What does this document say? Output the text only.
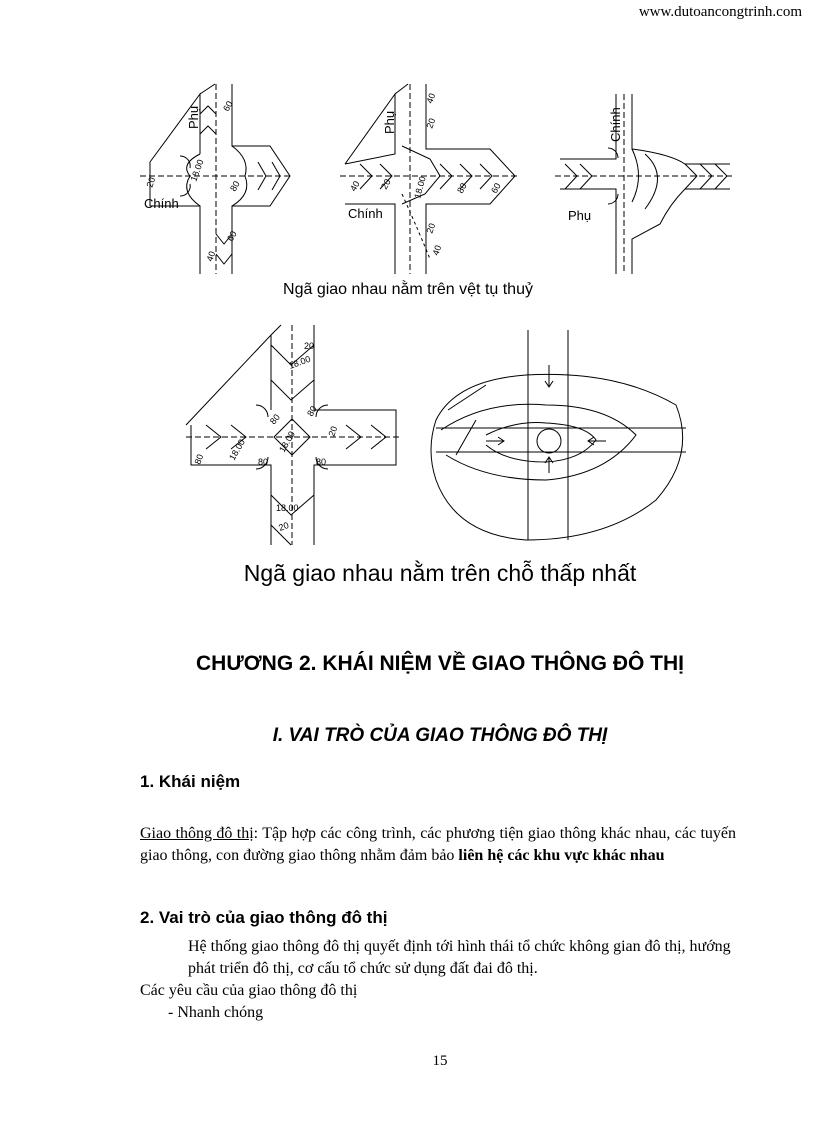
www.dutoancongtrinh.com
Phụ 60
18.00
20	80
60
40
Chính
Phụ
40
20
40 20 18.00	80 60
20
40
Chính
Chính
Phụ
Ngã giao nhau nằm trên vệt tụ thuỷ
20
18.00
80
80
80 18.00	18.00	20
80	80
18.00
20
Ngã giao nhau nằm trên chỗ thấp nhất
CHƯƠNG 2. KHÁI NIỆM VỀ GIAO THÔNG ĐÔ THỊ
I. VAI TRÒ CỦA GIAO THÔNG ĐÔ THỊ
1. Khái niệm
Giao thông đô thị: Tập hợp các công trình, các phương tiện giao thông khác nhau, các tuyến giao thông, con đường giao thông nhằm đảm bảo liên hệ các khu vực khác nhau
2. Vai trò của giao thông đô thị
Hệ thống giao thông đô thị quyết định tới hình thái tổ chức không gian đô thị, hướng phát triển đô thị, cơ cấu tổ chức sử dụng đất đai đô thị.
Các yêu cầu của giao thông đô thị
- Nhanh chóng
15
